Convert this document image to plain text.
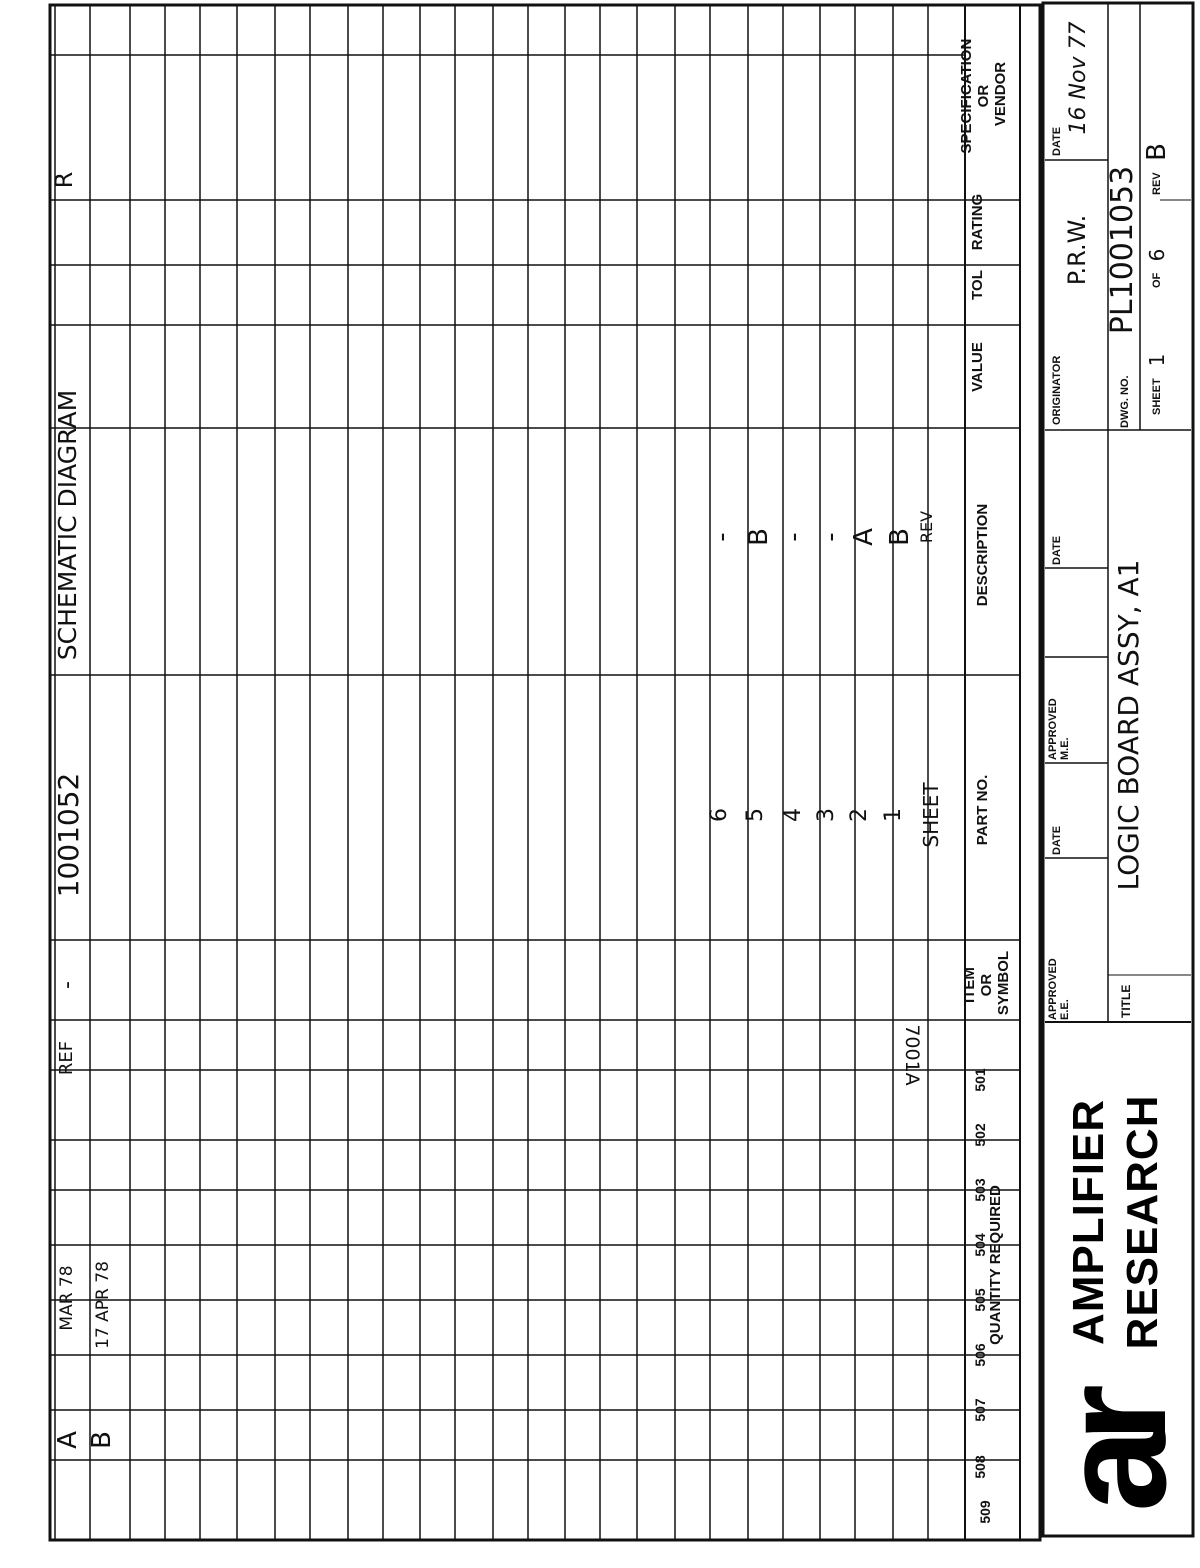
SPECIFICATION OR VENDOR
RATING
TOL
VALUE
DESCRIPTION
PART NO.
ITEM OR SYMBOL
QUANTITY REQUIRED
509
508
507
506
505
504
503
502
501
REF
-
1001052
SCHEMATIC DIAGRAM
R
A
MAR 78
B
17 APR 78
SHEET
REV
6
-
5
B
4
-
3
-
2
A
1
B
7001A
APPROVED E.E.
DATE
APPROVED M.E.
DATE
ORIGINATOR
P.R.W.
DATE
16 Nov 77
TITLE
LOGIC BOARD ASSY, A1
DWG. NO.
PL1001053
SHEET
1
OF
6
REV
B
ar
AMPLIFIER RESEARCH
